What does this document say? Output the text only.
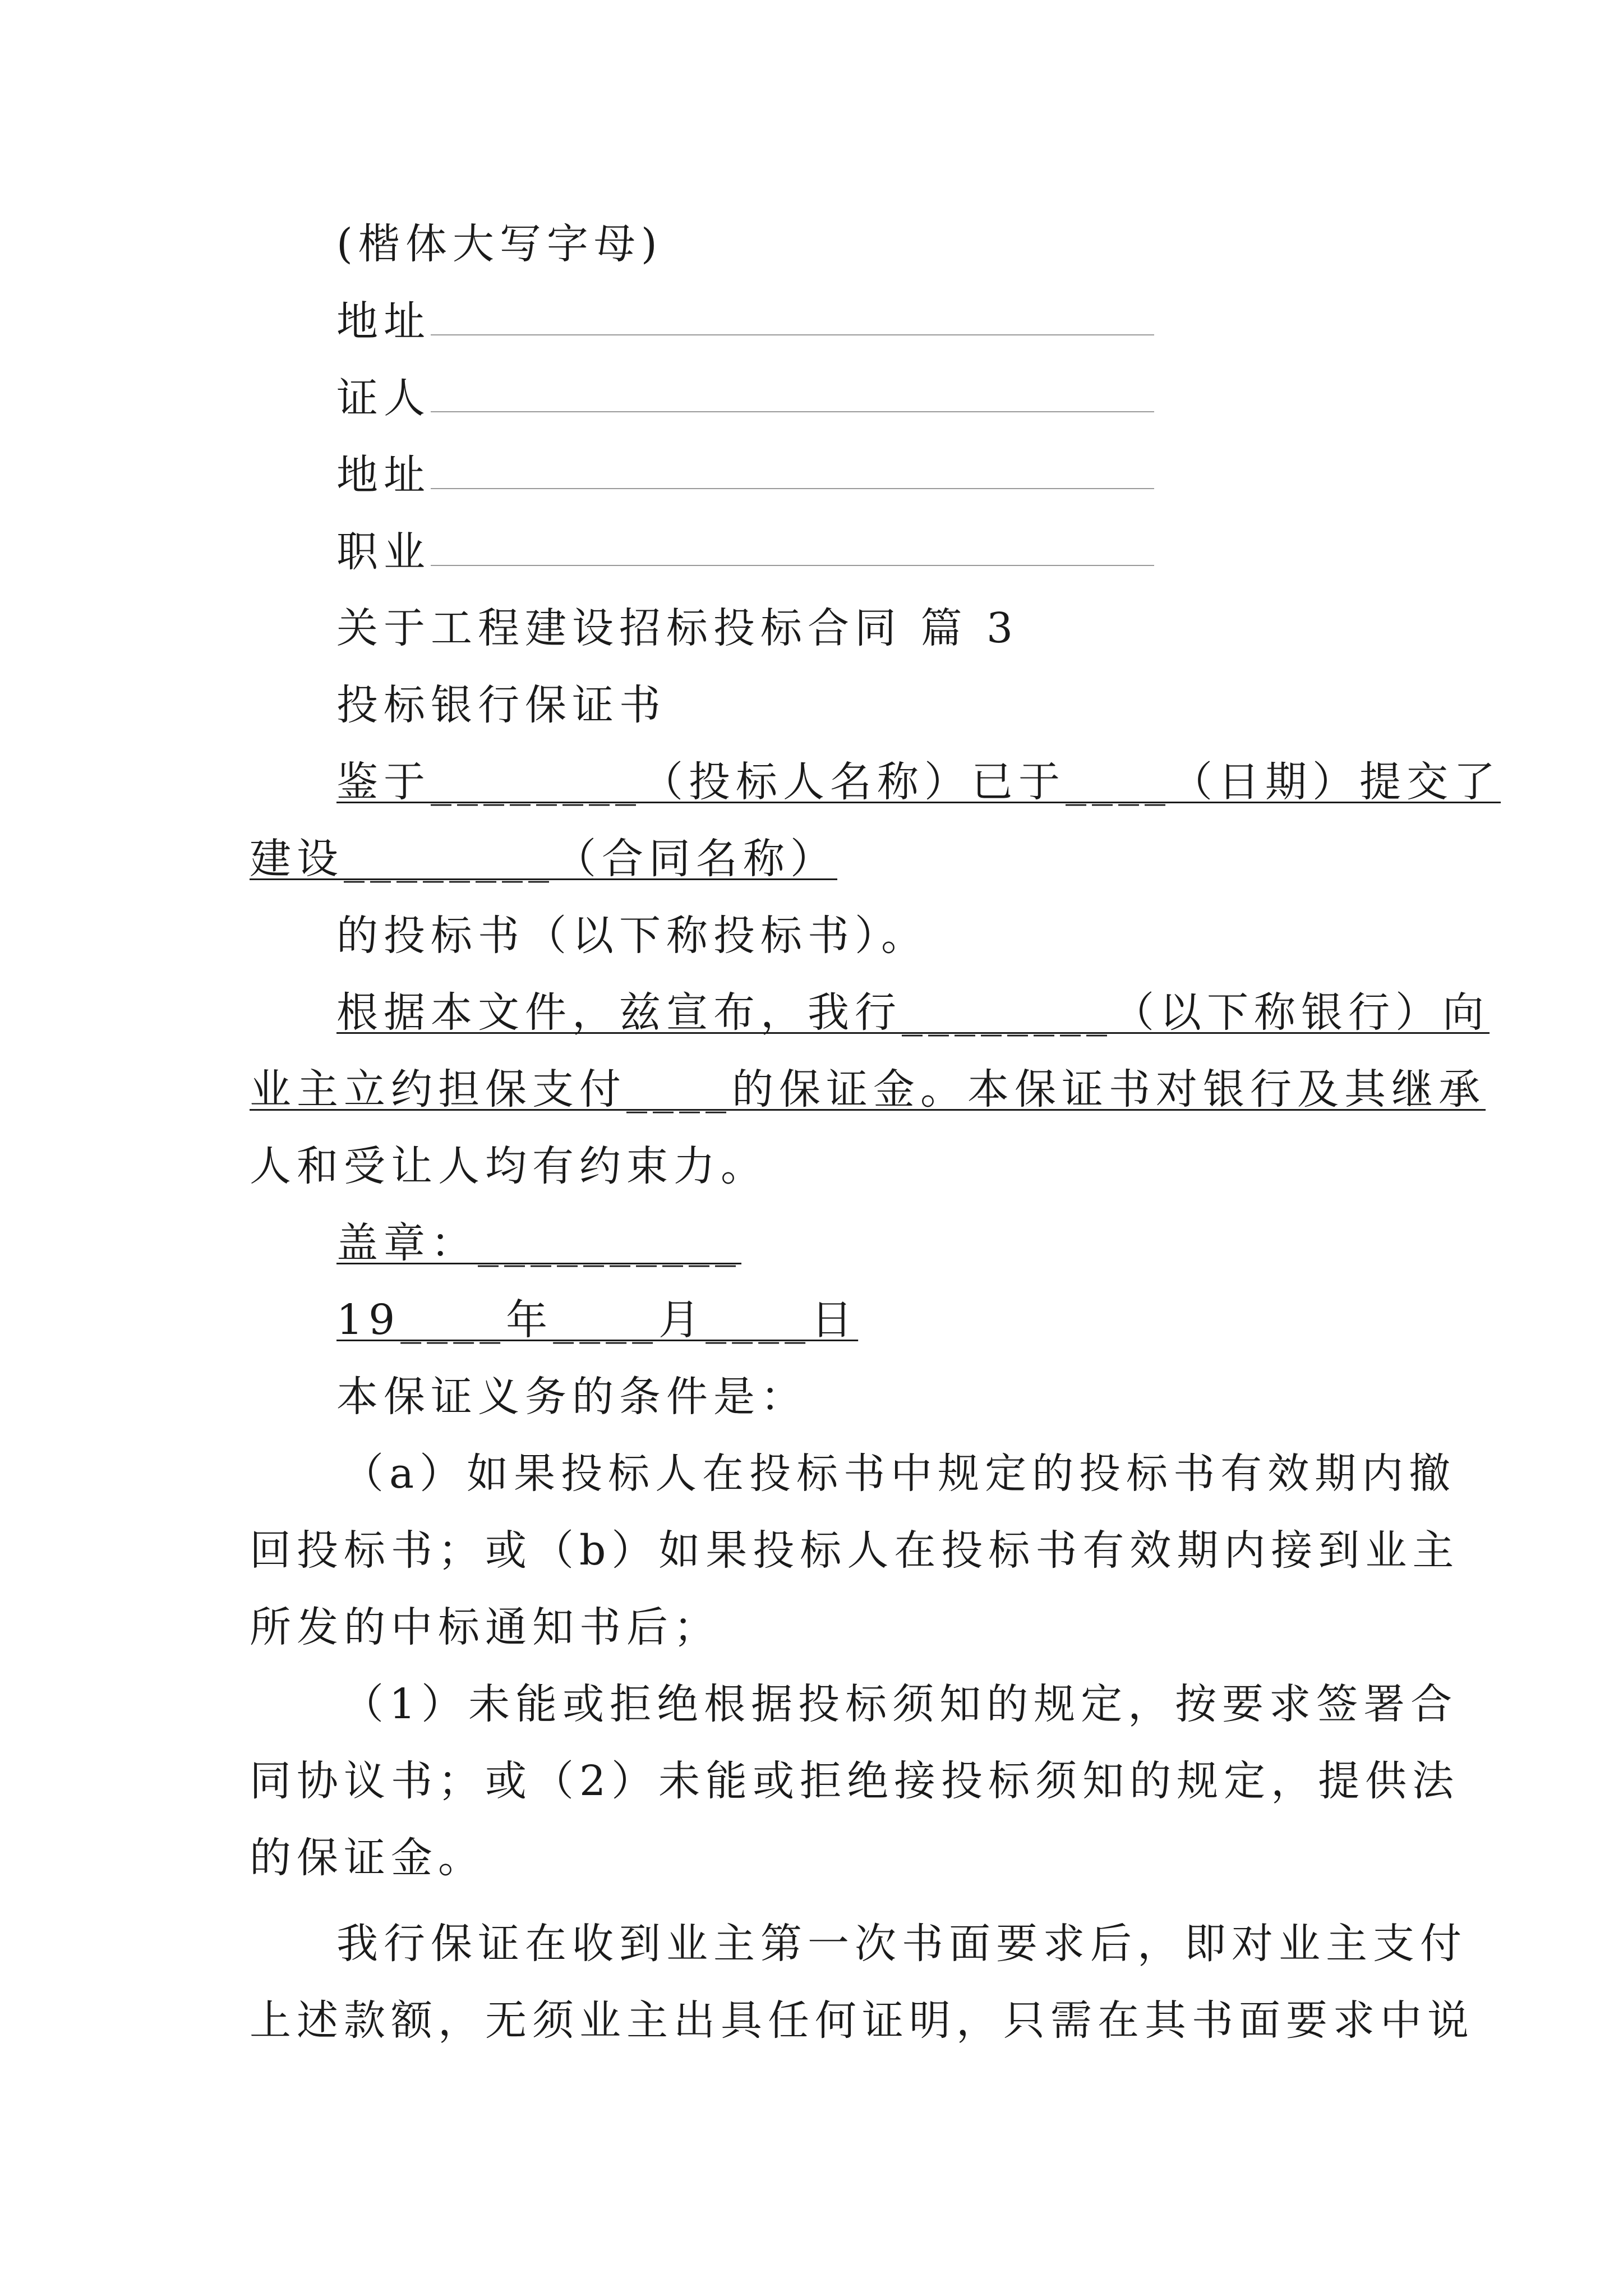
(楷体大写字母)
地址
证人
地址
职业
关于工程建设招标投标合同 篇 3
投标银行保证书
鉴于________（投标人名称）已于____（日期）提交了
建设________（合同名称）
的投标书（以下称投标书）。
根据本文件，兹宣布，我行________（以下称银行）向
业主立约担保支付____的保证金。本保证书对银行及其继承
人和受让人均有约束力。
盖章：__________
19____年____月____日
本保证义务的条件是：
（a）如果投标人在投标书中规定的投标书有效期内撤
回投标书；或（b）如果投标人在投标书有效期内接到业主
所发的中标通知书后；
（1）未能或拒绝根据投标须知的规定，按要求签署合
同协议书；或（2）未能或拒绝接投标须知的规定，提供法
的保证金。
我行保证在收到业主第一次书面要求后，即对业主支付
上述款额，无须业主出具任何证明，只需在其书面要求中说
